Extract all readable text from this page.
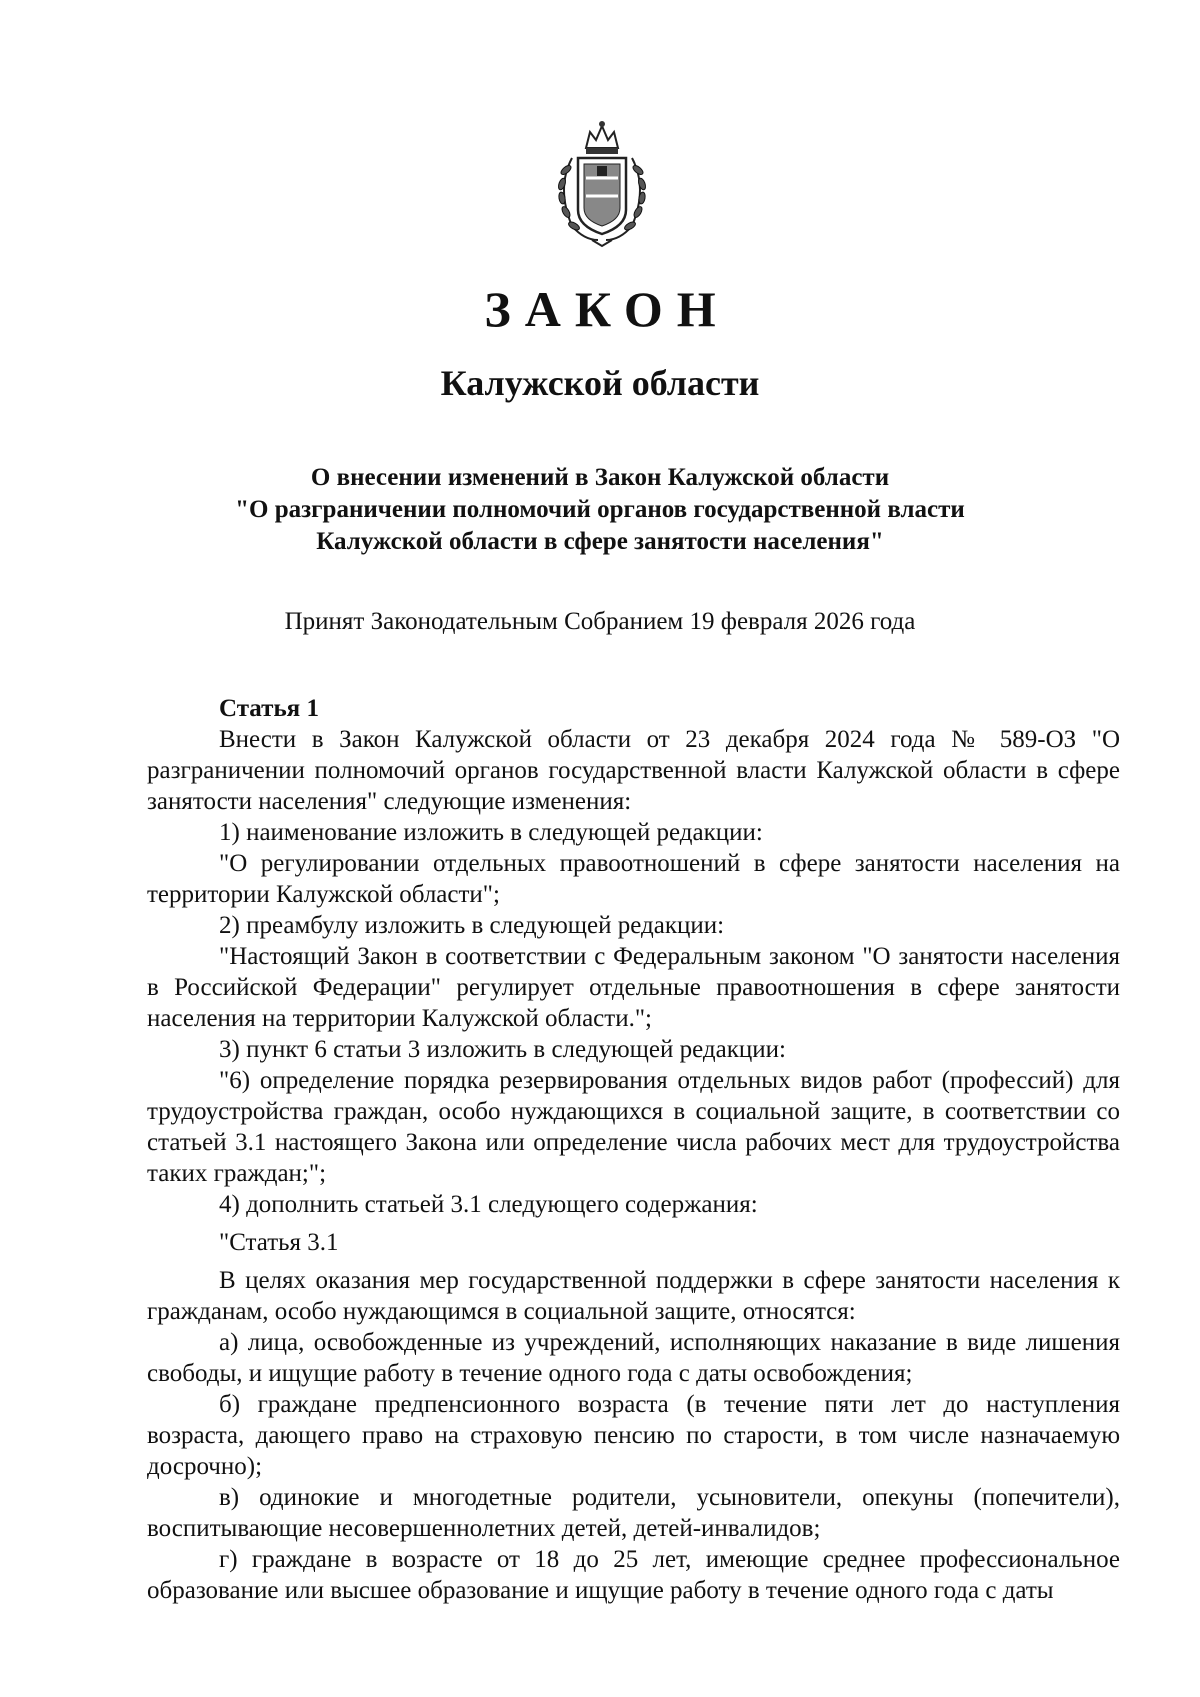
ЗАКОН
Калужской области
О внесении изменений в Закон Калужской области
"О разграничении полномочий органов государственной власти
Калужской области в сфере занятости населения"
Принят Законодательным Собранием 19 февраля 2026 года

Статья 1

Внести в Закон Калужской области от 23 декабря 2024 года № 589-ОЗ "О разграничении полномочий органов государственной власти Калужской области в сфере занятости населения" следующие изменения:

1) наименование изложить в следующей редакции:

"О регулировании отдельных правоотношений в сфере занятости населения на территории Калужской области";

2) преамбулу изложить в следующей редакции:

"Настоящий Закон в соответствии с Федеральным законом "О занятости населения в Российской Федерации" регулирует отдельные правоотношения в сфере занятости населения на территории Калужской области.";

3) пункт 6 статьи 3 изложить в следующей редакции:

"6) определение порядка резервирования отдельных видов работ (профессий) для трудоустройства граждан, особо нуждающихся в социальной защите, в соответствии со статьей 3.1 настоящего Закона или определение числа рабочих мест для трудоустройства таких граждан;";

4) дополнить статьей 3.1 следующего содержания:

"Статья 3.1

В целях оказания мер государственной поддержки в сфере занятости населения к гражданам, особо нуждающимся в социальной защите, относятся:

а) лица, освобожденные из учреждений, исполняющих наказание в виде лишения свободы, и ищущие работу в течение одного года с даты освобождения;

б) граждане предпенсионного возраста (в течение пяти лет до наступления возраста, дающего право на страховую пенсию по старости, в том числе назначаемую досрочно);

в) одинокие и многодетные родители, усыновители, опекуны (попечители), воспитывающие несовершеннолетних детей, детей-инвалидов;

г) граждане в возрасте от 18 до 25 лет, имеющие среднее профессиональное образование или высшее образование и ищущие работу в течение одного года с даты
